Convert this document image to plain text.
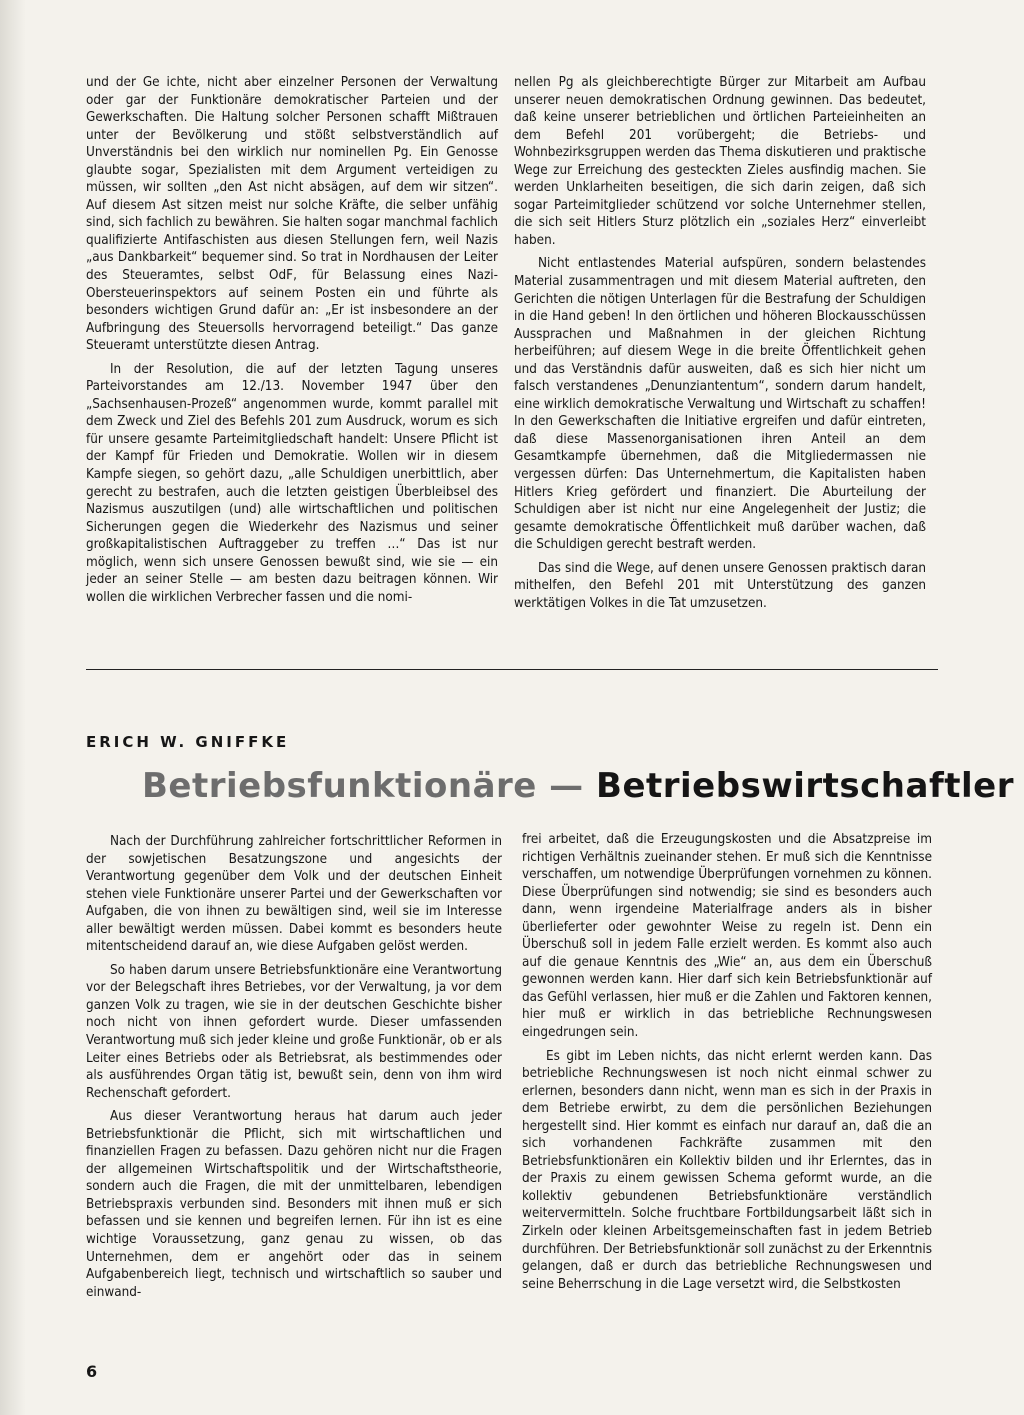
und der Ge ichte, nicht aber einzelner Personen der Verwaltung oder gar der Funktionäre demokratischer Parteien und der Gewerkschaften. Die Haltung solcher Personen schafft Mißtrauen unter der Bevölkerung und stößt selbstverständlich auf Unverständnis bei den wirklich nur nominellen Pg. Ein Genosse glaubte sogar, Spezialisten mit dem Argument verteidigen zu müssen, wir sollten „den Ast nicht absägen, auf dem wir sitzen“. Auf diesem Ast sitzen meist nur solche Kräfte, die selber unfähig sind, sich fachlich zu bewähren. Sie halten sogar manchmal fachlich qualifizierte Antifaschisten aus diesen Stellungen fern, weil Nazis „aus Dankbarkeit“ bequemer sind. So trat in Nordhausen der Leiter des Steueramtes, selbst OdF, für Belassung eines Nazi-Obersteuerinspektors auf seinem Posten ein und führte als besonders wichtigen Grund dafür an: „Er ist insbesondere an der Aufbringung des Steuersolls hervorragend beteiligt.“ Das ganze Steueramt unterstützte diesen Antrag.

In der Resolution, die auf der letzten Tagung unseres Parteivorstandes am 12./13. November 1947 über den „Sachsenhausen-Prozeß“ angenommen wurde, kommt parallel mit dem Zweck und Ziel des Befehls 201 zum Ausdruck, worum es sich für unsere gesamte Parteimitgliedschaft handelt: Unsere Pflicht ist der Kampf für Frieden und Demokratie. Wollen wir in diesem Kampfe siegen, so gehört dazu, „alle Schuldigen unerbittlich, aber gerecht zu bestrafen, auch die letzten geistigen Überbleibsel des Nazismus auszutilgen (und) alle wirtschaftlichen und politischen Sicherungen gegen die Wiederkehr des Nazismus und seiner großkapitalistischen Auftraggeber zu treffen …“ Das ist nur möglich, wenn sich unsere Genossen bewußt sind, wie sie — ein jeder an seiner Stelle — am besten dazu beitragen können. Wir wollen die wirklichen Verbrecher fassen und die nomi-

nellen Pg als gleichberechtigte Bürger zur Mitarbeit am Aufbau unserer neuen demokratischen Ordnung gewinnen. Das bedeutet, daß keine unserer betrieblichen und örtlichen Parteieinheiten an dem Befehl 201 vorübergeht; die Betriebs- und Wohnbezirksgruppen werden das Thema diskutieren und praktische Wege zur Erreichung des gesteckten Zieles ausfindig machen. Sie werden Unklarheiten beseitigen, die sich darin zeigen, daß sich sogar Parteimitglieder schützend vor solche Unternehmer stellen, die sich seit Hitlers Sturz plötzlich ein „soziales Herz“ einverleibt haben.

Nicht entlastendes Material aufspüren, sondern belastendes Material zusammentragen und mit diesem Material auftreten, den Gerichten die nötigen Unterlagen für die Bestrafung der Schuldigen in die Hand geben! In den örtlichen und höheren Blockausschüssen Aussprachen und Maßnahmen in der gleichen Richtung herbeiführen; auf diesem Wege in die breite Öffentlichkeit gehen und das Verständnis dafür ausweiten, daß es sich hier nicht um falsch verstandenes „Denunziantentum“, sondern darum handelt, eine wirklich demokratische Verwaltung und Wirtschaft zu schaffen! In den Gewerkschaften die Initiative ergreifen und dafür eintreten, daß diese Massenorganisationen ihren Anteil an dem Gesamtkampfe übernehmen, daß die Mitgliedermassen nie vergessen dürfen: Das Unternehmertum, die Kapitalisten haben Hitlers Krieg gefördert und finanziert. Die Aburteilung der Schuldigen aber ist nicht nur eine Angelegenheit der Justiz; die gesamte demokratische Öffentlichkeit muß darüber wachen, daß die Schuldigen gerecht bestraft werden.

Das sind die Wege, auf denen unsere Genossen praktisch daran mithelfen, den Befehl 201 mit Unterstützung des ganzen werktätigen Volkes in die Tat umzusetzen.

ERICH W. GNIFFKE
Betriebsfunktionäre — Betriebswirtschaftler

Nach der Durchführung zahlreicher fortschrittlicher Reformen in der sowjetischen Besatzungszone und angesichts der Verantwortung gegenüber dem Volk und der deutschen Einheit stehen viele Funktionäre unserer Partei und der Gewerkschaften vor Aufgaben, die von ihnen zu bewältigen sind, weil sie im Interesse aller bewältigt werden müssen. Dabei kommt es besonders heute mitentscheidend darauf an, wie diese Aufgaben gelöst werden.

So haben darum unsere Betriebsfunktionäre eine Verantwortung vor der Belegschaft ihres Betriebes, vor der Verwaltung, ja vor dem ganzen Volk zu tragen, wie sie in der deutschen Geschichte bisher noch nicht von ihnen gefordert wurde. Dieser umfassenden Verantwortung muß sich jeder kleine und große Funktionär, ob er als Leiter eines Betriebs oder als Betriebsrat, als bestimmendes oder als ausführendes Organ tätig ist, bewußt sein, denn von ihm wird Rechenschaft gefordert.

Aus dieser Verantwortung heraus hat darum auch jeder Betriebsfunktionär die Pflicht, sich mit wirtschaftlichen und finanziellen Fragen zu befassen. Dazu gehören nicht nur die Fragen der allgemeinen Wirtschaftspolitik und der Wirtschaftstheorie, sondern auch die Fragen, die mit der unmittelbaren, lebendigen Betriebspraxis verbunden sind. Besonders mit ihnen muß er sich befassen und sie kennen und begreifen lernen. Für ihn ist es eine wichtige Voraussetzung, ganz genau zu wissen, ob das Unternehmen, dem er angehört oder das in seinem Aufgabenbereich liegt, technisch und wirtschaftlich so sauber und einwand-

frei arbeitet, daß die Erzeugungskosten und die Absatzpreise im richtigen Verhältnis zueinander stehen. Er muß sich die Kenntnisse verschaffen, um notwendige Überprüfungen vornehmen zu können. Diese Überprüfungen sind notwendig; sie sind es besonders auch dann, wenn irgendeine Materialfrage anders als in bisher überlieferter oder gewohnter Weise zu regeln ist. Denn ein Überschuß soll in jedem Falle erzielt werden. Es kommt also auch auf die genaue Kenntnis des „Wie“ an, aus dem ein Überschuß gewonnen werden kann. Hier darf sich kein Betriebsfunktionär auf das Gefühl verlassen, hier muß er die Zahlen und Faktoren kennen, hier muß er wirklich in das betriebliche Rechnungswesen eingedrungen sein.

Es gibt im Leben nichts, das nicht erlernt werden kann. Das betriebliche Rechnungswesen ist noch nicht einmal schwer zu erlernen, besonders dann nicht, wenn man es sich in der Praxis in dem Betriebe erwirbt, zu dem die persönlichen Beziehungen hergestellt sind. Hier kommt es einfach nur darauf an, daß die an sich vorhandenen Fachkräfte zusammen mit den Betriebsfunktionären ein Kollektiv bilden und ihr Erlerntes, das in der Praxis zu einem gewissen Schema geformt wurde, an die kollektiv gebundenen Betriebsfunktionäre verständlich weitervermitteln. Solche fruchtbare Fortbildungsarbeit läßt sich in Zirkeln oder kleinen Arbeitsgemeinschaften fast in jedem Betrieb durchführen. Der Betriebsfunktionär soll zunächst zu der Erkenntnis gelangen, daß er durch das betriebliche Rechnungswesen und seine Beherrschung in die Lage versetzt wird, die Selbstkosten

6
